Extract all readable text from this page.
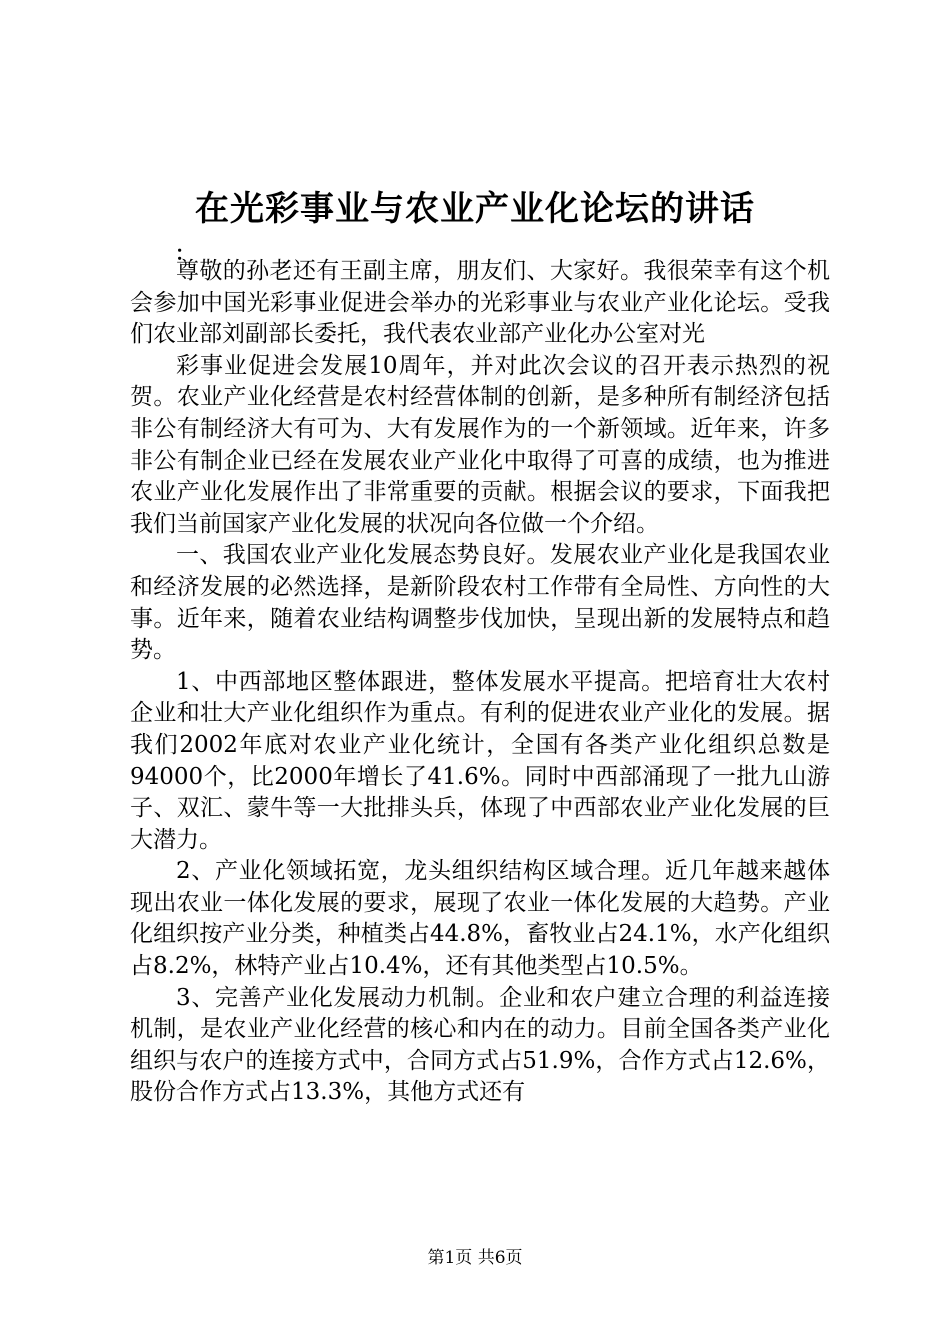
在光彩事业与农业产业化论坛的讲话
：

尊敬的孙老还有王副主席，朋友们、大家好。我很荣幸有这个机会参加中国光彩事业促进会举办的光彩事业与农业产业化论坛。受我们农业部刘副部长委托，我代表农业部产业化办公室对光

彩事业促进会发展10周年，并对此次会议的召开表示热烈的祝贺。农业产业化经营是农村经营体制的创新，是多种所有制经济包括非公有制经济大有可为、大有发展作为的一个新领域。近年来，许多非公有制企业已经在发展农业产业化中取得了可喜的成绩，也为推进农业产业化发展作出了非常重要的贡献。根据会议的要求，下面我把我们当前国家产业化发展的状况向各位做一个介绍。

一、我国农业产业化发展态势良好。发展农业产业化是我国农业和经济发展的必然选择，是新阶段农村工作带有全局性、方向性的大事。近年来，随着农业结构调整步伐加快，呈现出新的发展特点和趋势。

1、中西部地区整体跟进，整体发展水平提高。把培育壮大农村企业和壮大产业化组织作为重点。有利的促进农业产业化的发展。据我们2002年底对农业产业化统计，全国有各类产业化组织总数是94000个，比2000年增长了41.6%。同时中西部涌现了一批九山游子、双汇、蒙牛等一大批排头兵，体现了中西部农业产业化发展的巨大潜力。

2、产业化领域拓宽，龙头组织结构区域合理。近几年越来越体现出农业一体化发展的要求，展现了农业一体化发展的大趋势。产业化组织按产业分类，种植类占44.8%，畜牧业占24.1%，水产化组织占8.2%，林特产业占10.4%，还有其他类型占10.5%。

3、完善产业化发展动力机制。企业和农户建立合理的利益连接机制，是农业产业化经营的核心和内在的动力。目前全国各类产业化组织与农户的连接方式中，合同方式占51.9%，合作方式占12.6%，股份合作方式占13.3%，其他方式还有

第1页 共6页
